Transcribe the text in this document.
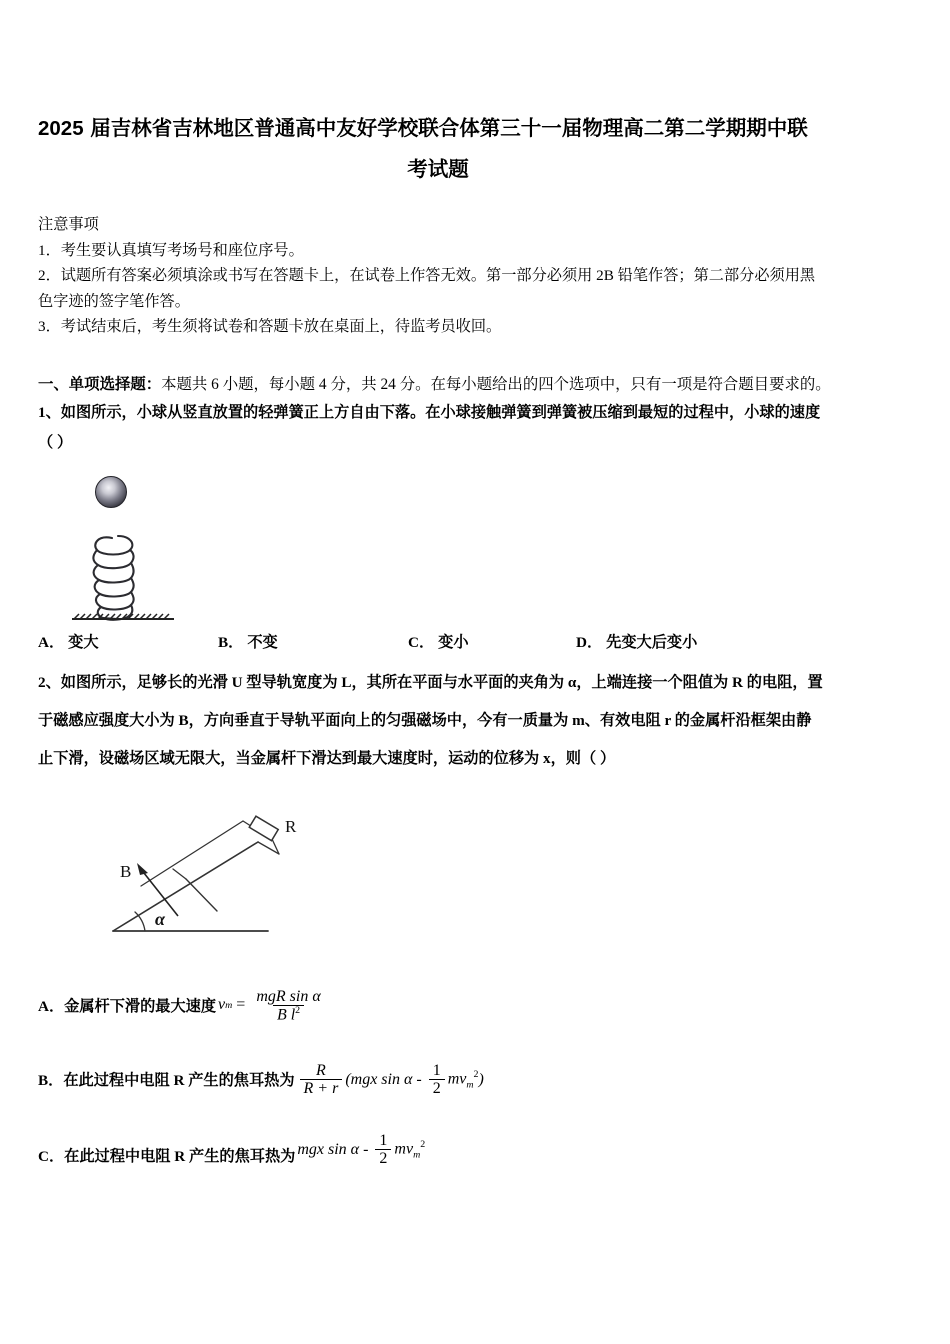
2025 届吉林省吉林地区普通高中友好学校联合体第三十一届物理高二第二学期期中联
考试题
注意事项
1．考生要认真填写考场号和座位序号。
2．试题所有答案必须填涂或书写在答题卡上，在试卷上作答无效。第一部分必须用 2B 铅笔作答；第二部分必须用黑
色字迹的签字笔作答。
3．考试结束后，考生须将试卷和答题卡放在桌面上，待监考员收回。
一、单项选择题：本题共 6 小题，每小题 4 分，共 24 分。在每小题给出的四个选项中，只有一项是符合题目要求的。
1、如图所示，小球从竖直放置的轻弹簧正上方自由下落。在小球接触弹簧到弹簧被压缩到最短的过程中，小球的速度
（ ）
A． 变大	B． 不变	C． 变小	D． 先变大后变小
2、如图所示，足够长的光滑 U 型导轨宽度为 L，其所在平面与水平面的夹角为 α，上端连接一个阻值为 R 的电阻，置
于磁感应强度大小为 B，方向垂直于导轨平面向上的匀强磁场中，今有一质量为 m、有效电阻 r 的金属杆沿框架由静
止下滑，设磁场区域无限大，当金属杆下滑达到最大速度时，运动的位移为 x，则（ ）
R
B
α
A． 金属杆下滑的最大速度 v $m = \frac{\text{mgR sin α}}{B l^2}$
B． 在此过程中电阻 R 产生的焦耳热为 $\frac{R}{R + r}$ ( mgx sin α - $\frac{1}{2} mv_m^2$ )
C． 在此过程中电阻 R 产生的焦耳热为 mgx sin α - $\frac{1}{2} mv_m^2$
